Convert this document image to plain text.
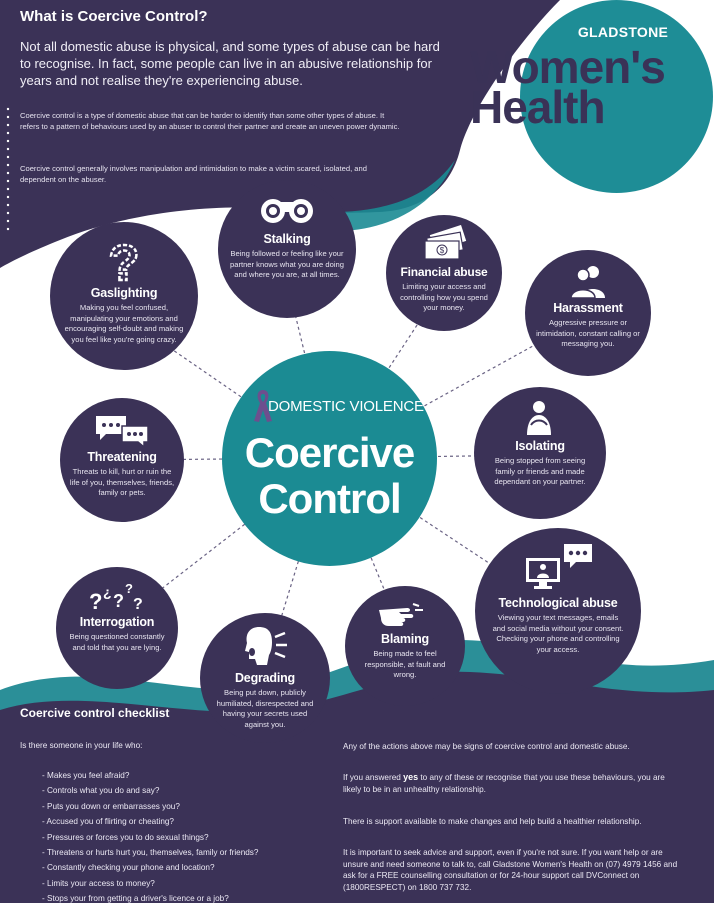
What is Coercive Control?
Not all domestic abuse is physical, and some types of abuse can be hard to recognise. In fact, some people can live in an abusive relationship for years and not realise they're experiencing abuse.
Coercive control is a type of domestic abuse that can be harder to identify than some other types of abuse. It refers to a pattern of behaviours used by an abuser to control their partner and create an uneven power dynamic.
Coercive control generally involves manipulation and intimidation to make a victim scared, isolated, and dependent on the abuser.
GLADSTONE
Women's
Health
DOMESTIC VIOLENCE
Coercive
Control
Stalking
Being followed or feeling like your partner knows what you are doing and where you are, at all times.
?
Gaslighting
Making you feel confused, manipulating your emotions and encouraging self-doubt and making you feel like you're going crazy.
$
Financial abuse
Limiting your access and controlling how you spend your money.	Harassment
Aggressive pressure or intimidation, constant calling or messaging you.
Threatening
Threats to kill, hurt or ruin the life of you, themselves, friends, family or pets.
Isolating
Being stopped from seeing family or friends and made dependant on your partner.
? ¿ ?
?
?
Interrogation
Being questioned constantly and told that you are lying.
Technological abuse
Viewing your text messages, emails and social media without your consent. Checking your phone and controlling your access.
Blaming
Being made to feel responsible, at fault and wrong.
Degrading
Being put down, publicly humiliated, disrespected and having your secrets used against you.
Coercive control checklist
Is there someone in your life who:
- Makes you feel afraid?
- Controls what you do and say?
- Puts you down or embarrasses you?
- Accused you of flirting or cheating?
- Pressures or forces you to do sexual things?
- Threatens or hurts hurt you, themselves, family or friends?
- Constantly checking your phone and location?
- Limits your access to money?
- Stops your from getting a driver's licence or a job?
Any of the actions above may be signs of coercive control and domestic abuse.
If you answered yes to any of these or recognise that you use these behaviours, you are likely to be in an unhealthy relationship.
There is support available to make changes and help build a healthier relationship.
It is important to seek advice and support, even if you're not sure. If you want help or are unsure and need someone to talk to, call Gladstone Women's Health on (07) 4979 1456 and ask for a FREE counselling consultation or for 24-hour support call DVConnect on (1800RESPECT) on 1800 737 732.
